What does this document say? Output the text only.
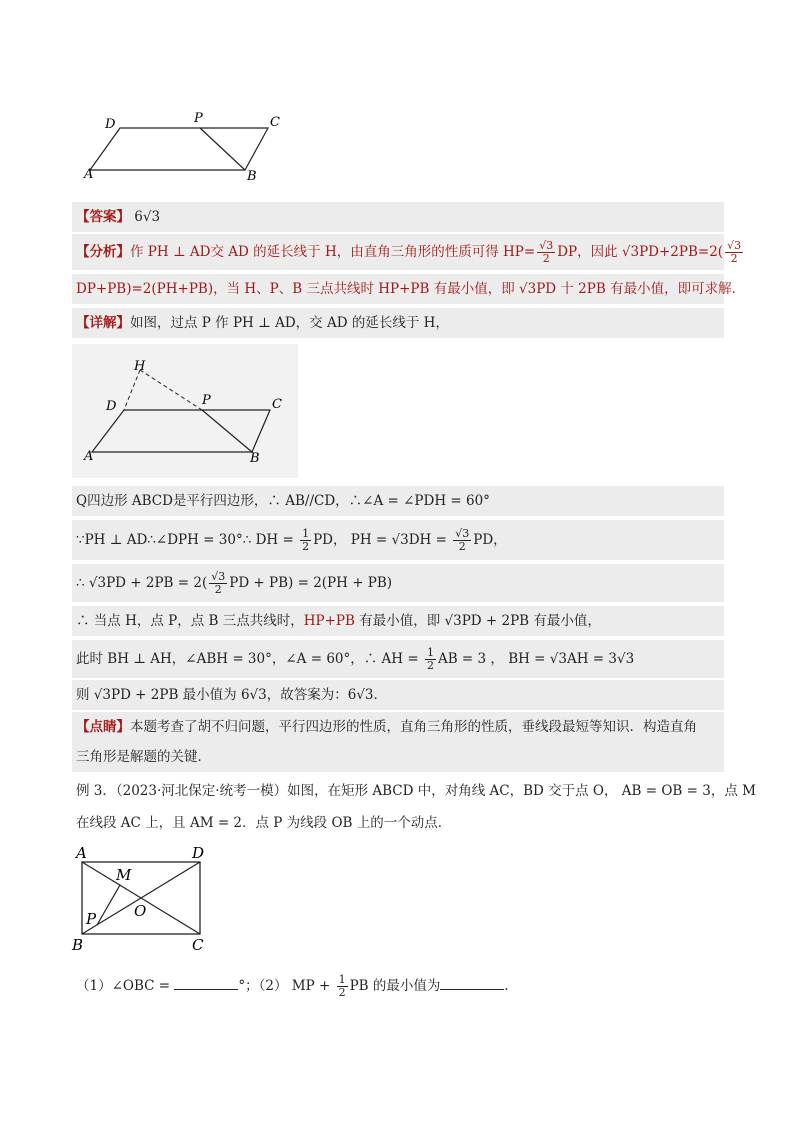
D	P	C
A	B
【答案】 6√3
【分析】作 PH ⊥ AD交 AD 的延长线于 H，由直角三角形的性质可得 $HP= \frac{√3}{2}$ DP，因此 $√3PD+2PB=2( \frac{√3}{2}$
DP+PB)=2(PH+PB)，当 H、P、B 三点共线时 HP+PB 有最小值，即 √3PD 十 2PB 有最小值，即可求解．
【详解】如图，过点 P 作 PH ⊥ AD，交 AD 的延长线于 H，
H
D	P	C
A	B
Q四边形 ABCD是平行四边形，∴ AB//CD，∴∠A = ∠PDH = 60°
∵PH ⊥ AD∴∠DPH = 30°∴ DH = $\frac{1}{2}$ PD， PH = $√3DH = \frac{√3}{2}$ PD，
∴ $√3PD + 2PB = 2( \frac{√3}{2}$ PD + PB) = 2(PH + PB)
∴ 当点 H，点 P，点 B 三点共线时，HP+PB 有最小值，即 √3PD + 2PB 有最小值，
此时 BH ⊥ AH，∠ABH = 30°，∠A = 60°，∴ AH = $\frac{1}{2}$ AB = 3 ， BH = √3AH = 3√3
则 √3PD + 2PB 最小值为 6√3，故答案为：6√3．
【点睛】本题考查了胡不归问题，平行四边形的性质，直角三角形的性质，垂线段最短等知识．构造直角
三角形是解题的关键．
例 3．（2023·河北保定·统考一模）如图，在矩形 ABCD 中，对角线 AC，BD 交于点 O， AB = OB = 3，点 M
在线段 AC 上，且 AM = 2．点 P 为线段 OB 上的一个动点．
A	D
M
O
P
B	C
（1）∠OBC =	°；（2） MP + $\frac{1}{2}$ PB 的最小值为	．
